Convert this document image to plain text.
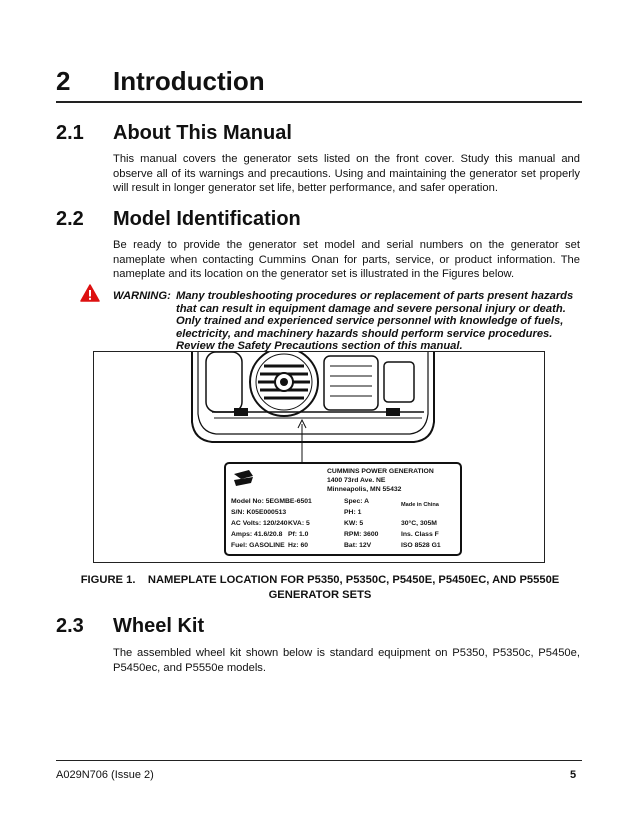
2 Introduction
2.1 About This Manual
This manual covers the generator sets listed on the front cover. Study this manual and observe all of its warnings and precautions. Using and maintaining the generator set properly will result in longer generator set life, better performance, and safer operation.
2.2 Model Identification
Be ready to provide the generator set model and serial numbers on the generator set nameplate when contacting Cummins Onan for parts, service, or product information. The nameplate and its location on the generator set is illustrated in the Figures below.
WARNING: Many troubleshooting procedures or replacement of parts present hazards that can result in equipment damage and severe personal injury or death. Only trained and experienced service personnel with knowledge of fuels, electricity, and machinery hazards should perform service procedures. Review the Safety Precautions section of this manual.
CUMMINS POWER GENERATION
1400 73rd Ave. NE
Minneapolis, MN 55432
Model No: 5EGMBE-6501
S/N: K05E000513
AC Volts: 120/240
Amps: 41.6/20.8
Fuel: GASOLINE
KVA: 5
Pf: 1.0
Hz: 60
Spec: A
PH: 1
KW: 5
RPM: 3600
Bat: 12V
Made in China
30°C, 305M
Ins. Class F
ISO 8528 G1
FIGURE 1. NAMEPLATE LOCATION FOR P5350, P5350C, P5450E, P5450EC, AND P5550E
GENERATOR SETS
2.3 Wheel Kit
The assembled wheel kit shown below is standard equipment on P5350, P5350c, P5450e, P5450ec, and P5550e models.
A029N706 (Issue 2)	5
